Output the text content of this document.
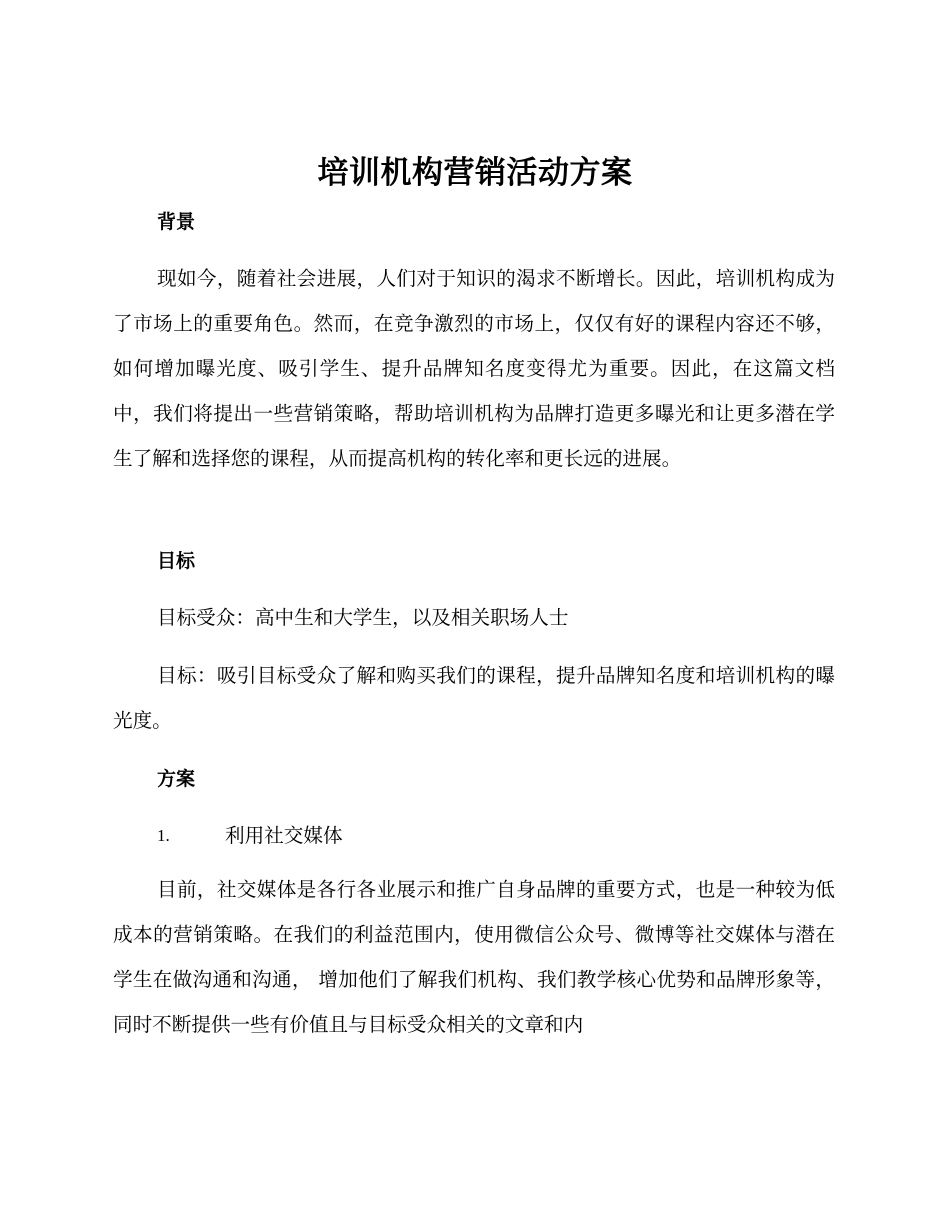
培训机构营销活动方案
背景

现如今，随着社会进展，人们对于知识的渴求不断增长。因此，培训机构成为了市场上的重要角色。然而，在竞争激烈的市场上，仅仅有好的课程内容还不够，如何增加曝光度、吸引学生、提升品牌知名度变得尤为重要。因此，在这篇文档中，我们将提出一些营销策略，帮助培训机构为品牌打造更多曝光和让更多潜在学生了解和选择您的课程，从而提高机构的转化率和更长远的进展。

目标
目标受众：高中生和大学生，以及相关职场人士

目标：吸引目标受众了解和购买我们的课程，提升品牌知名度和培训机构的曝光度。

方案
1.	利用社交媒体

目前，社交媒体是各行各业展示和推广自身品牌的重要方式，也是一种较为低成本的营销策略。在我们的利益范围内，使用微信公众号、微博等社交媒体与潜在学生在做沟通和沟通， 增加他们了解我们机构、我们教学核心优势和品牌形象等，同时不断提供一些有价值且与目标受众相关的文章和内
